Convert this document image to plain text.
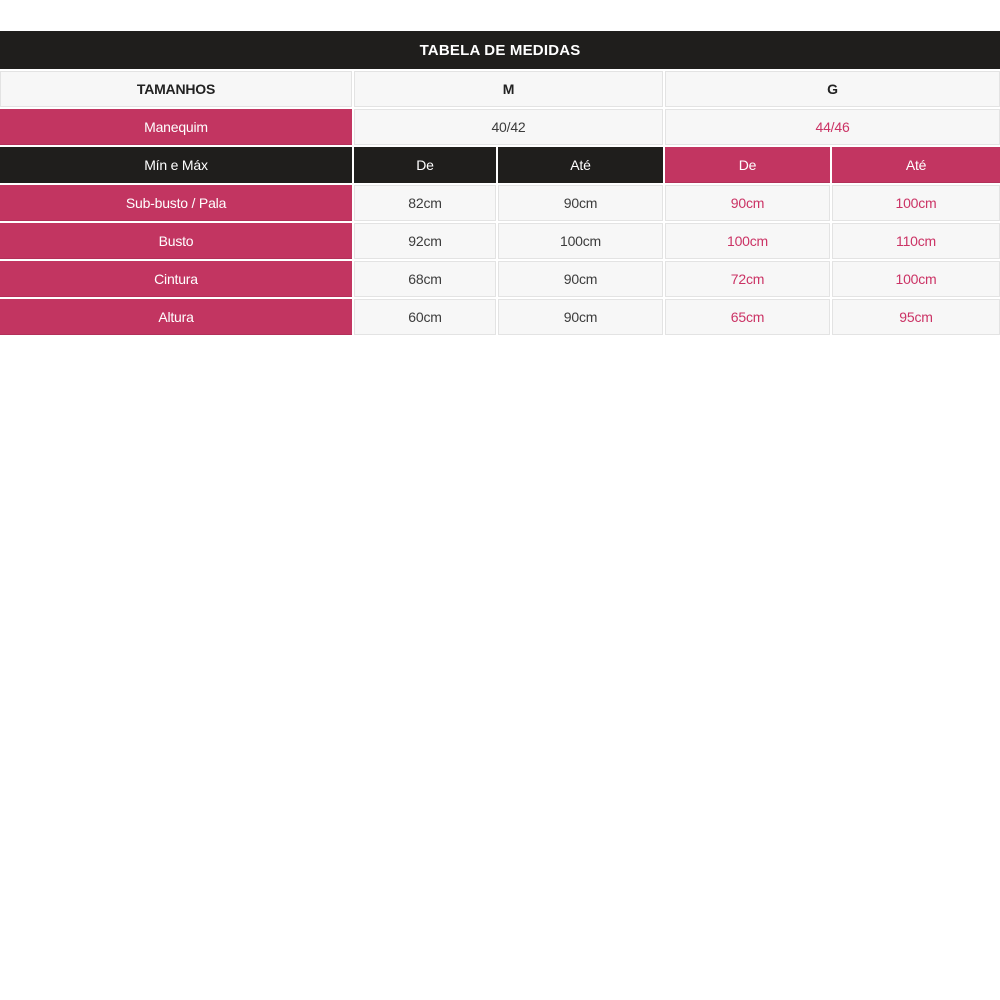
TABELA DE MEDIDAS				
TAMANHOS	M		G	
Manequim	40/42		44/46	
Mín e Máx	De	Até	De	Até
Sub-busto / Pala	82cm	90cm	90cm	100cm
Busto	92cm	100cm	100cm	110cm
Cintura	68cm	90cm	72cm	100cm
Altura	60cm	90cm	65cm	95cm
